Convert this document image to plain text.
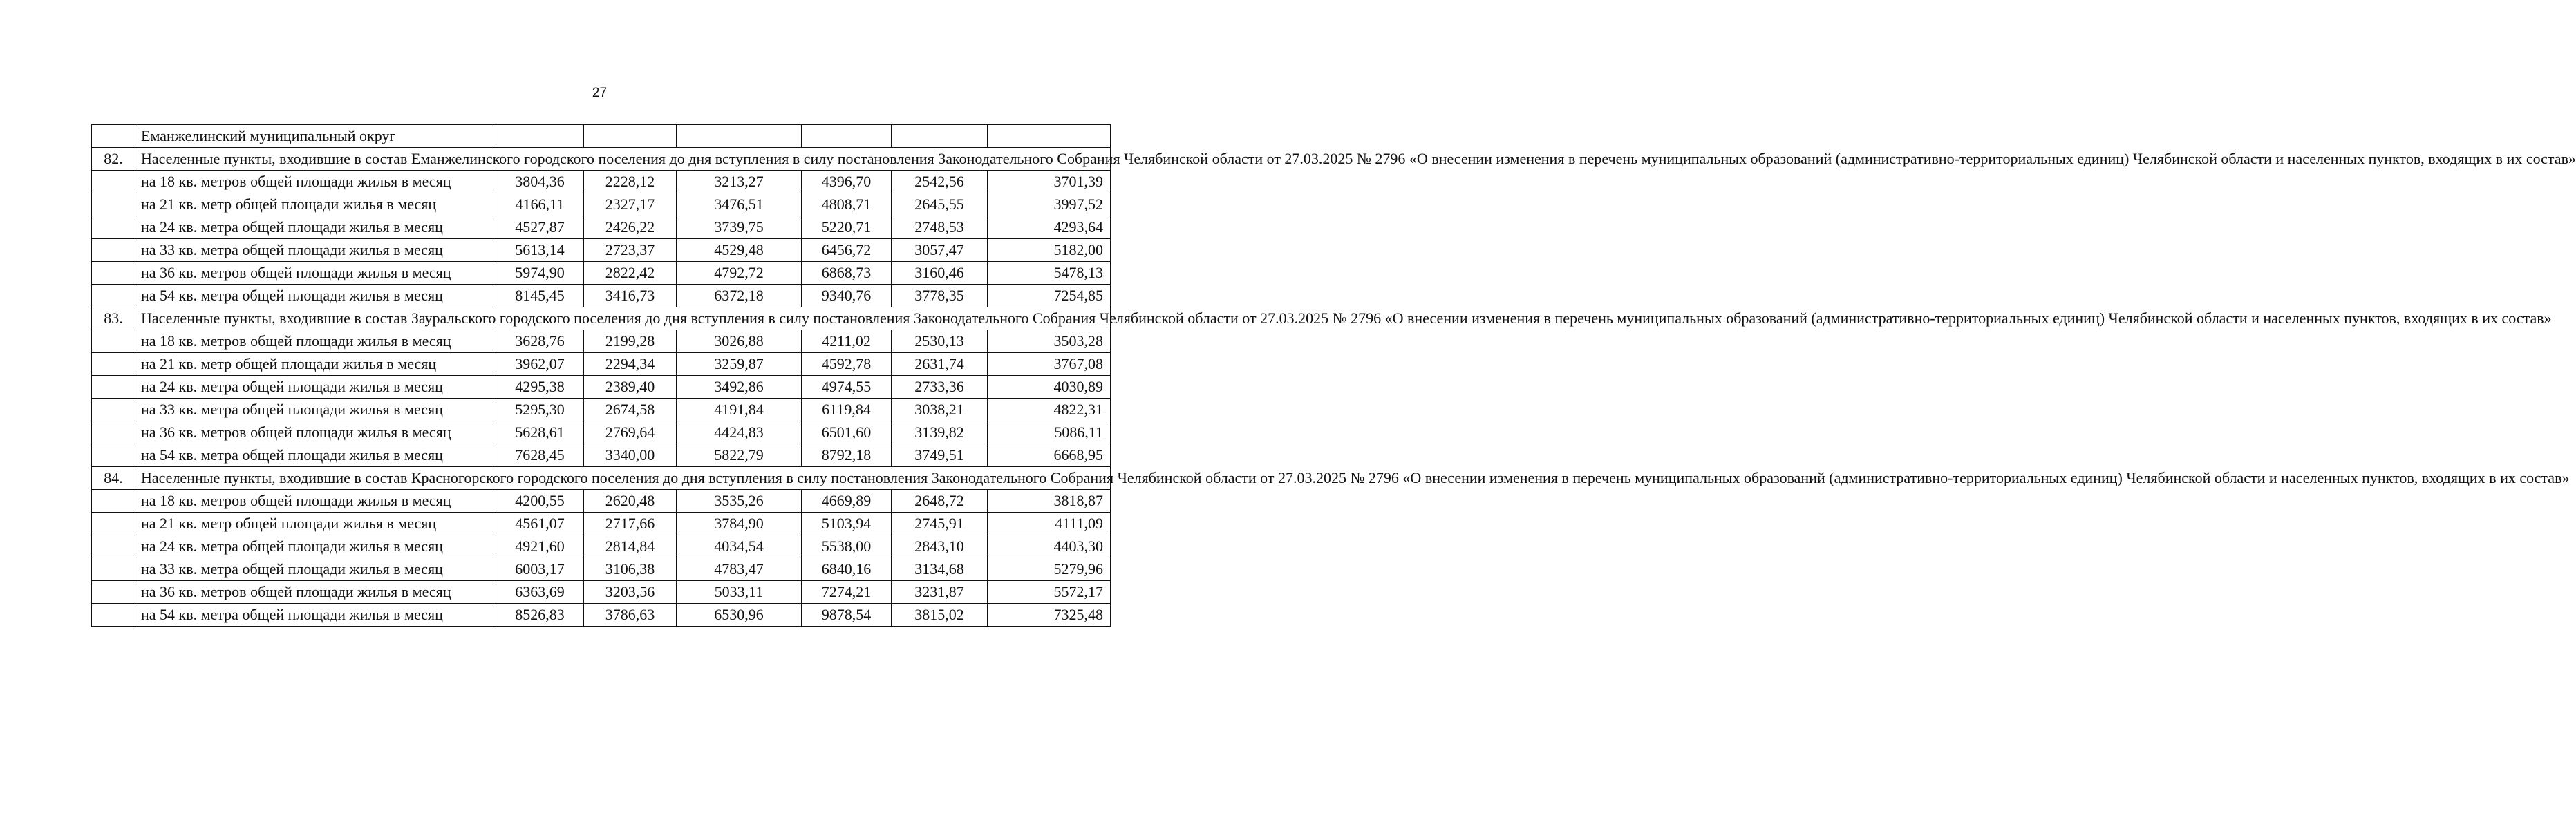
27
	Еманжелинский муниципальный округ						
82.	Населенные пункты, входившие в состав Еманжелинского городского поселения до дня вступления в силу постановления Законодательного Собрания Челябинской области от 27.03.2025 № 2796 «О внесении изменения в перечень муниципальных образований (административно-территориальных единиц) Челябинской области и населенных пунктов, входящих в их состав»						
	на 18 кв. метров общей площади жилья в месяц	3804,36	2228,12	3213,27	4396,70	2542,56	3701,39
	на 21 кв. метр общей площади жилья в месяц	4166,11	2327,17	3476,51	4808,71	2645,55	3997,52
	на 24 кв. метра общей площади жилья в месяц	4527,87	2426,22	3739,75	5220,71	2748,53	4293,64
	на 33 кв. метра общей площади жилья в месяц	5613,14	2723,37	4529,48	6456,72	3057,47	5182,00
	на 36 кв. метров общей площади жилья в месяц	5974,90	2822,42	4792,72	6868,73	3160,46	5478,13
	на 54 кв. метра общей площади жилья в месяц	8145,45	3416,73	6372,18	9340,76	3778,35	7254,85
83.	Населенные пункты, входившие в состав Зауральского городского поселения до дня вступления в силу постановления Законодательного Собрания Челябинской области от 27.03.2025 № 2796 «О внесении изменения в перечень муниципальных образований (административно-территориальных единиц) Челябинской области и населенных пунктов, входящих в их состав»						
	на 18 кв. метров общей площади жилья в месяц	3628,76	2199,28	3026,88	4211,02	2530,13	3503,28
	на 21 кв. метр общей площади жилья в месяц	3962,07	2294,34	3259,87	4592,78	2631,74	3767,08
	на 24 кв. метра общей площади жилья в месяц	4295,38	2389,40	3492,86	4974,55	2733,36	4030,89
	на 33 кв. метра общей площади жилья в месяц	5295,30	2674,58	4191,84	6119,84	3038,21	4822,31
	на 36 кв. метров общей площади жилья в месяц	5628,61	2769,64	4424,83	6501,60	3139,82	5086,11
	на 54 кв. метра общей площади жилья в месяц	7628,45	3340,00	5822,79	8792,18	3749,51	6668,95
84.	Населенные пункты, входившие в состав Красногорского городского поселения до дня вступления в силу постановления Законодательного Собрания Челябинской области от 27.03.2025 № 2796 «О внесении изменения в перечень муниципальных образований (административно-территориальных единиц) Челябинской области и населенных пунктов, входящих в их состав»						
	на 18 кв. метров общей площади жилья в месяц	4200,55	2620,48	3535,26	4669,89	2648,72	3818,87
	на 21 кв. метр общей площади жилья в месяц	4561,07	2717,66	3784,90	5103,94	2745,91	4111,09
	на 24 кв. метра общей площади жилья в месяц	4921,60	2814,84	4034,54	5538,00	2843,10	4403,30
	на 33 кв. метра общей площади жилья в месяц	6003,17	3106,38	4783,47	6840,16	3134,68	5279,96
	на 36 кв. метров общей площади жилья в месяц	6363,69	3203,56	5033,11	7274,21	3231,87	5572,17
	на 54 кв. метра общей площади жилья в месяц	8526,83	3786,63	6530,96	9878,54	3815,02	7325,48
